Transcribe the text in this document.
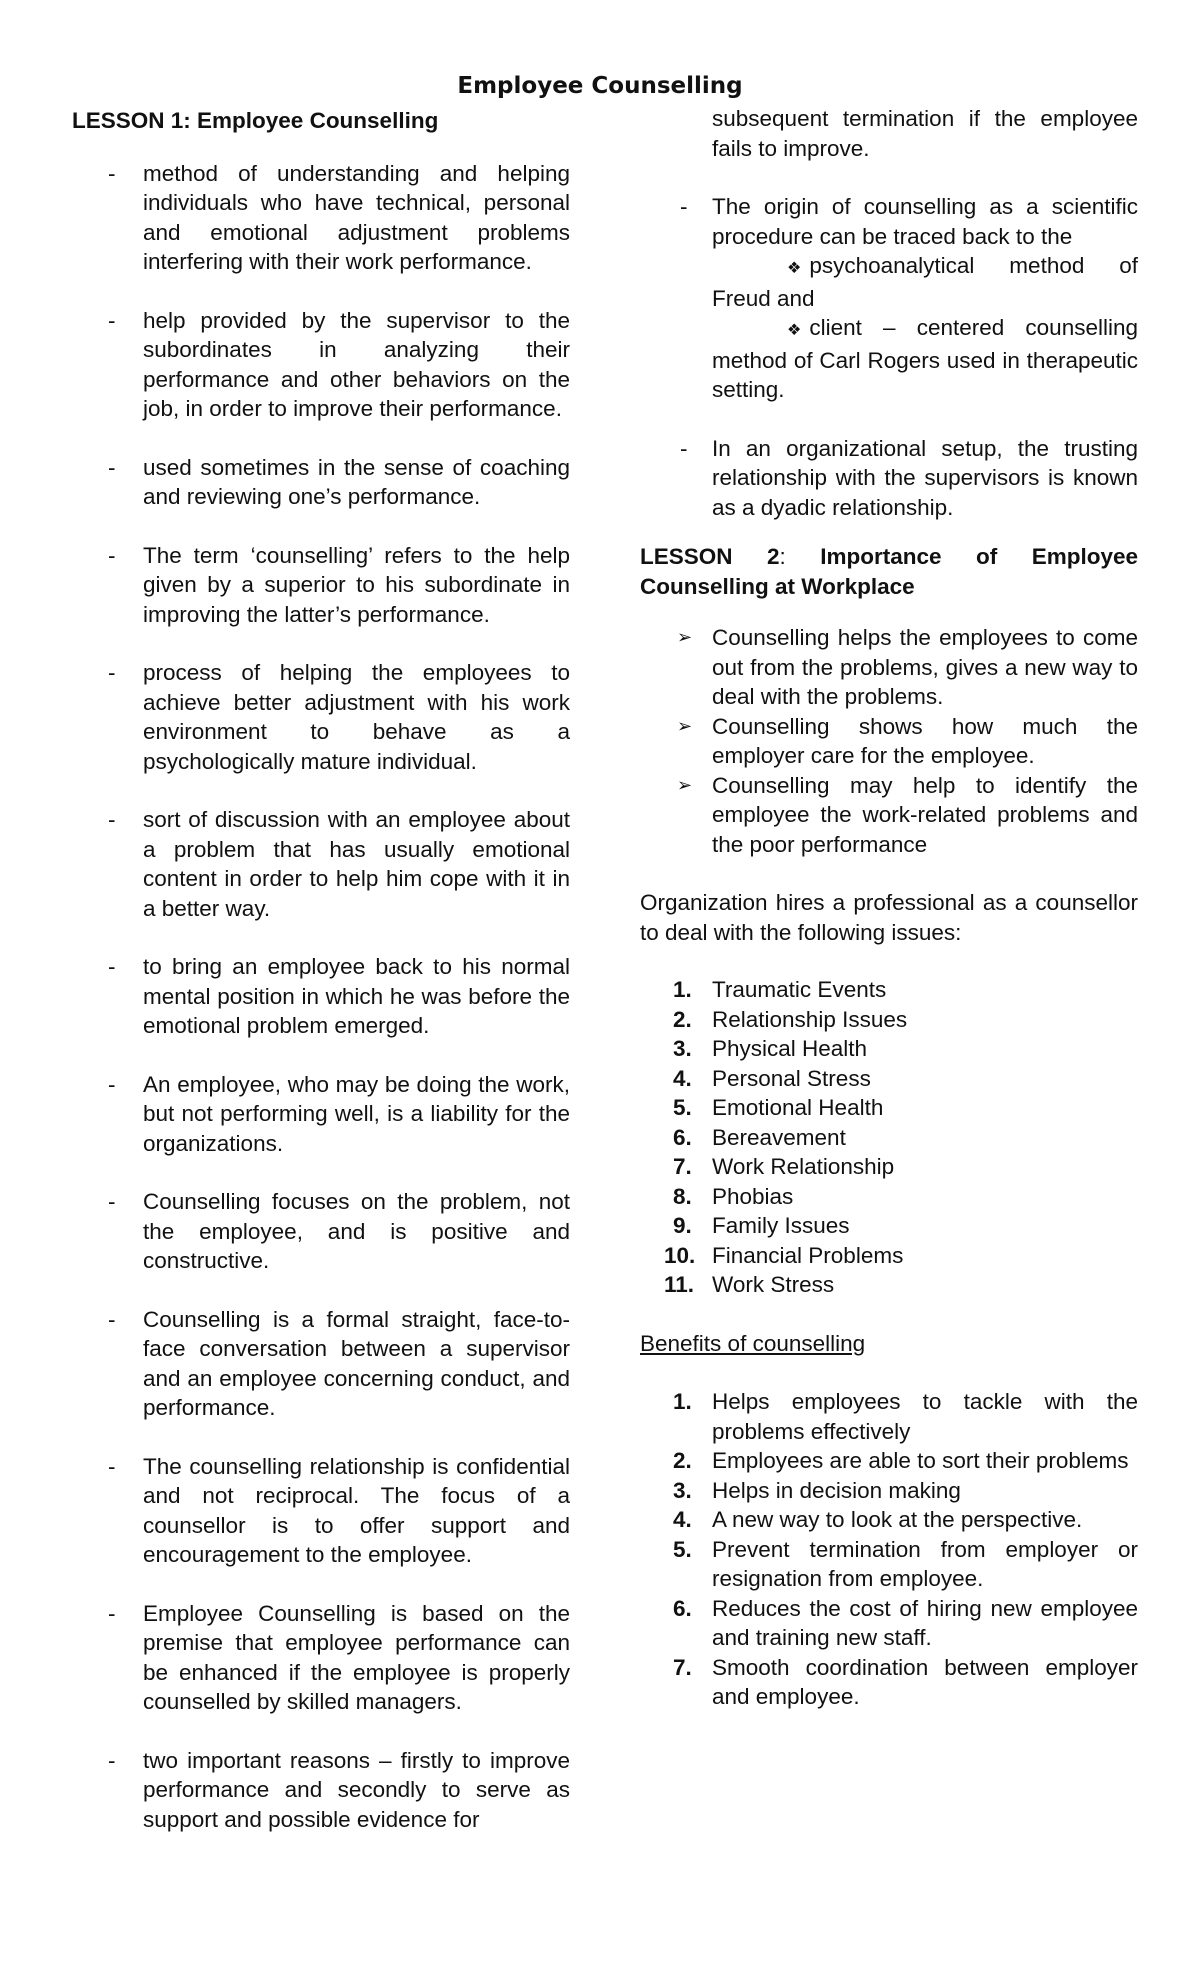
Employee Counselling
LESSON 1: Employee Counselling
- method of understanding and helping individuals who have technical, personal and emotional adjustment problems interfering with their work performance.
- help provided by the supervisor to the subordinates in analyzing their performance and other behaviors on the job, in order to improve their performance.
- used sometimes in the sense of coaching and reviewing one’s performance.
- The term ‘counselling’ refers to the help given by a superior to his subordinate in improving the latter’s performance.
- process of helping the employees to achieve better adjustment with his work environment to behave as a psychologically mature individual.
- sort of discussion with an employee about a problem that has usually emotional content in order to help him cope with it in a better way.
- to bring an employee back to his normal mental position in which he was before the emotional problem emerged.
- An employee, who may be doing the work, but not performing well, is a liability for the organizations.
- Counselling focuses on the problem, not the employee, and is positive and constructive.
- Counselling is a formal straight, face-to-face conversation between a supervisor and an employee concerning conduct, and performance.
- The counselling relationship is confidential and not reciprocal. The focus of a counsellor is to offer support and encouragement to the employee.
- Employee Counselling is based on the premise that employee performance can be enhanced if the employee is properly counselled by skilled managers.
- two important reasons – firstly to improve performance and secondly to serve as support and possible evidence for
subsequent termination if the employee fails to improve.
- The origin of counselling as a scientific procedure can be traced back to the
❖ psychoanalytical method of Freud and
❖ client – centered counselling method of Carl Rogers used in therapeutic setting.
- In an organizational setup, the trusting relationship with the supervisors is known as a dyadic relationship.
LESSON 2: Importance of Employee Counselling at Workplace
➢ Counselling helps the employees to come out from the problems, gives a new way to deal with the problems.
➢ Counselling shows how much the employer care for the employee.
➢ Counselling may help to identify the employee the work-related problems and the poor performance
Organization hires a professional as a counsellor to deal with the following issues:
1. Traumatic Events
2. Relationship Issues
3. Physical Health
4. Personal Stress
5. Emotional Health
6. Bereavement
7. Work Relationship
8. Phobias
9. Family Issues
10. Financial Problems
11. Work Stress
Benefits of counselling
1. Helps employees to tackle with the problems effectively
2. Employees are able to sort their problems
3. Helps in decision making
4. A new way to look at the perspective.
5. Prevent termination from employer or resignation from employee.
6. Reduces the cost of hiring new employee and training new staff.
7. Smooth coordination between employer and employee.
